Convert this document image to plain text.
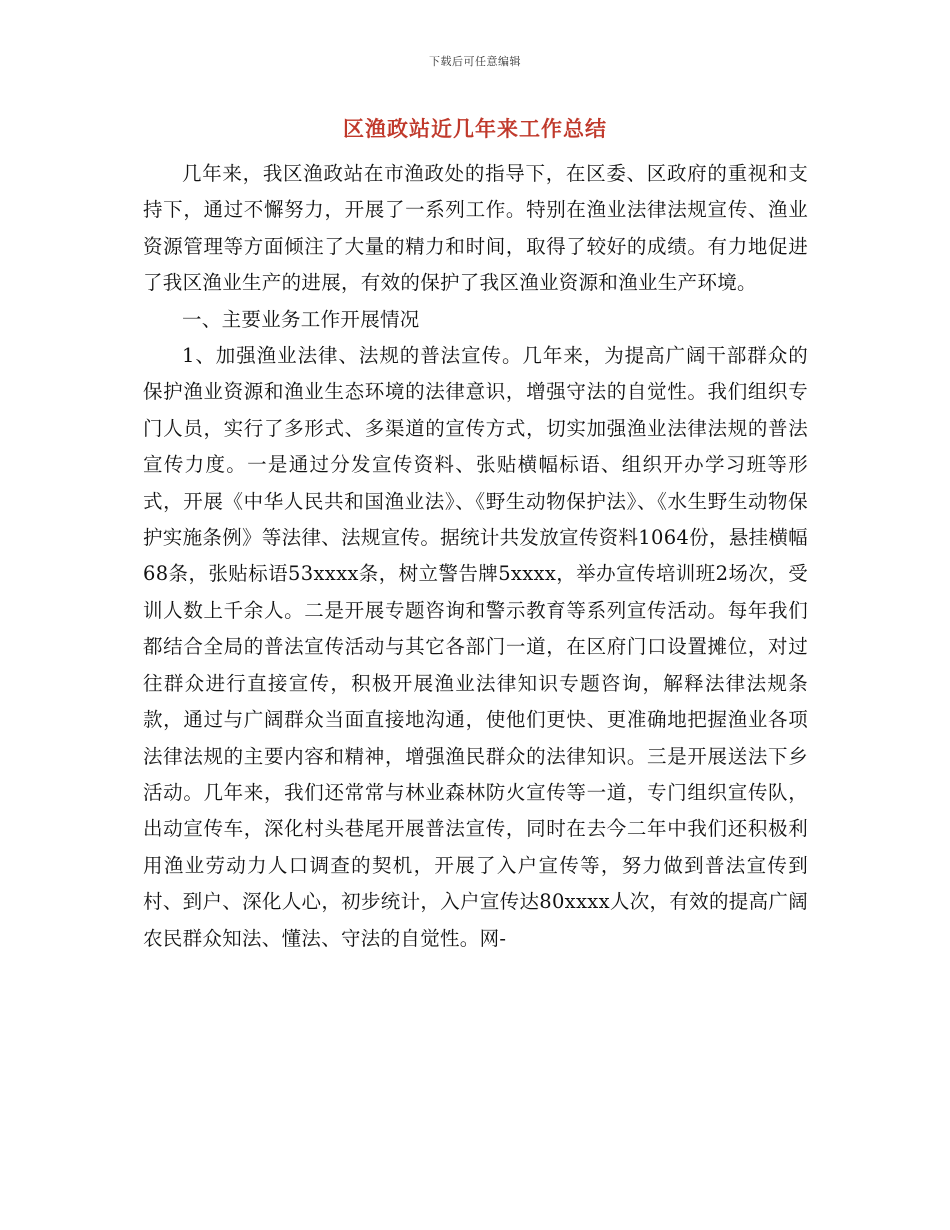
下载后可任意编辑
区渔政站近几年来工作总结

几年来，我区渔政站在市渔政处的指导下，在区委、区政府的重视和支持下，通过不懈努力，开展了一系列工作。特别在渔业法律法规宣传、渔业资源管理等方面倾注了大量的精力和时间，取得了较好的成绩。有力地促进了我区渔业生产的进展，有效的保护了我区渔业资源和渔业生产环境。

一、主要业务工作开展情况

1、加强渔业法律、法规的普法宣传。几年来，为提高广阔干部群众的保护渔业资源和渔业生态环境的法律意识，增强守法的自觉性。我们组织专门人员，实行了多形式、多渠道的宣传方式，切实加强渔业法律法规的普法宣传力度。一是通过分发宣传资料、张贴横幅标语、组织开办学习班等形式，开展《中华人民共和国渔业法》、《野生动物保护法》、《水生野生动物保护实施条例》等法律、法规宣传。据统计共发放宣传资料1064份，悬挂横幅68条，张贴标语53xxxx条，树立警告牌5xxxx，举办宣传培训班2场次，受训人数上千余人。二是开展专题咨询和警示教育等系列宣传活动。每年我们都结合全局的普法宣传活动与其它各部门一道，在区府门口设置摊位，对过往群众进行直接宣传，积极开展渔业法律知识专题咨询，解释法律法规条款，通过与广阔群众当面直接地沟通，使他们更快、更准确地把握渔业各项法律法规的主要内容和精神，增强渔民群众的法律知识。三是开展送法下乡活动。几年来，我们还常常与林业森林防火宣传等一道，专门组织宣传队，出动宣传车，深化村头巷尾开展普法宣传，同时在去今二年中我们还积极利用渔业劳动力人口调查的契机，开展了入户宣传等，努力做到普法宣传到村、到户、深化人心，初步统计，入户宣传达80xxxx人次，有效的提高广阔农民群众知法、懂法、守法的自觉性。网-
